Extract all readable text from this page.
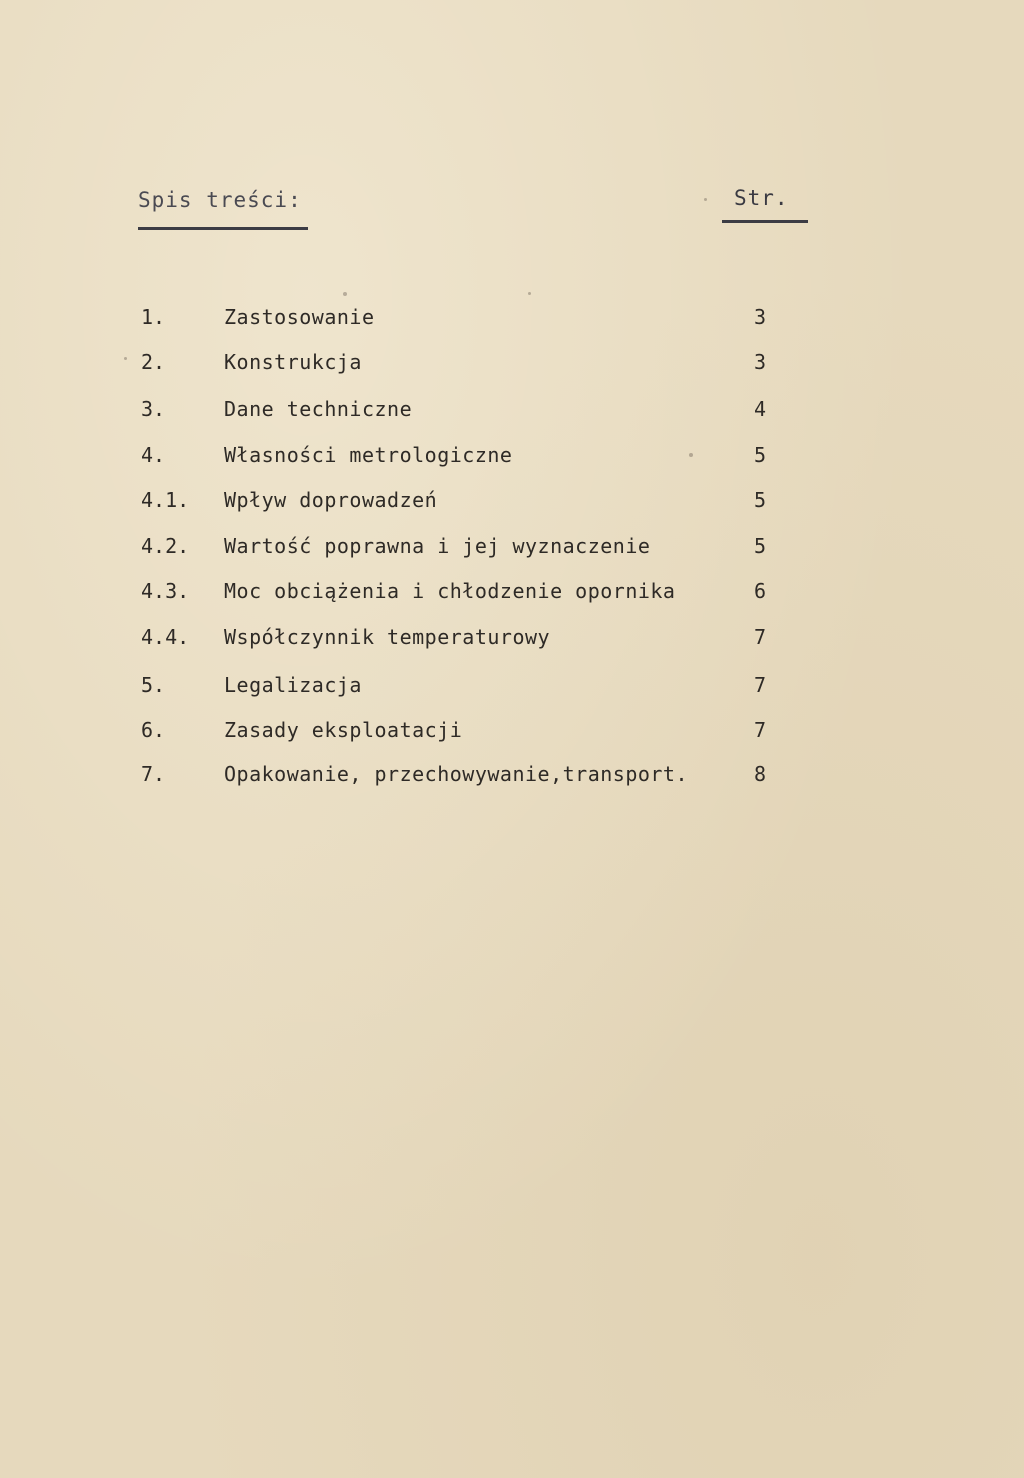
Spis treści:	Str.
1.	Zastosowanie	3
2.	Konstrukcja	3
3.	Dane techniczne	4
4.	Własności metrologiczne	5
4.1. Wpływ doprowadzeń	5
4.2. Wartość poprawna i jej wyznaczenie	5
4.3. Moc obciążenia i chłodzenie opornika	6
4.4. Współczynnik temperaturowy	7
5.	Legalizacja	7
6.	Zasady eksploatacji	7
7.	Opakowanie, przechowywanie,transport.	8
